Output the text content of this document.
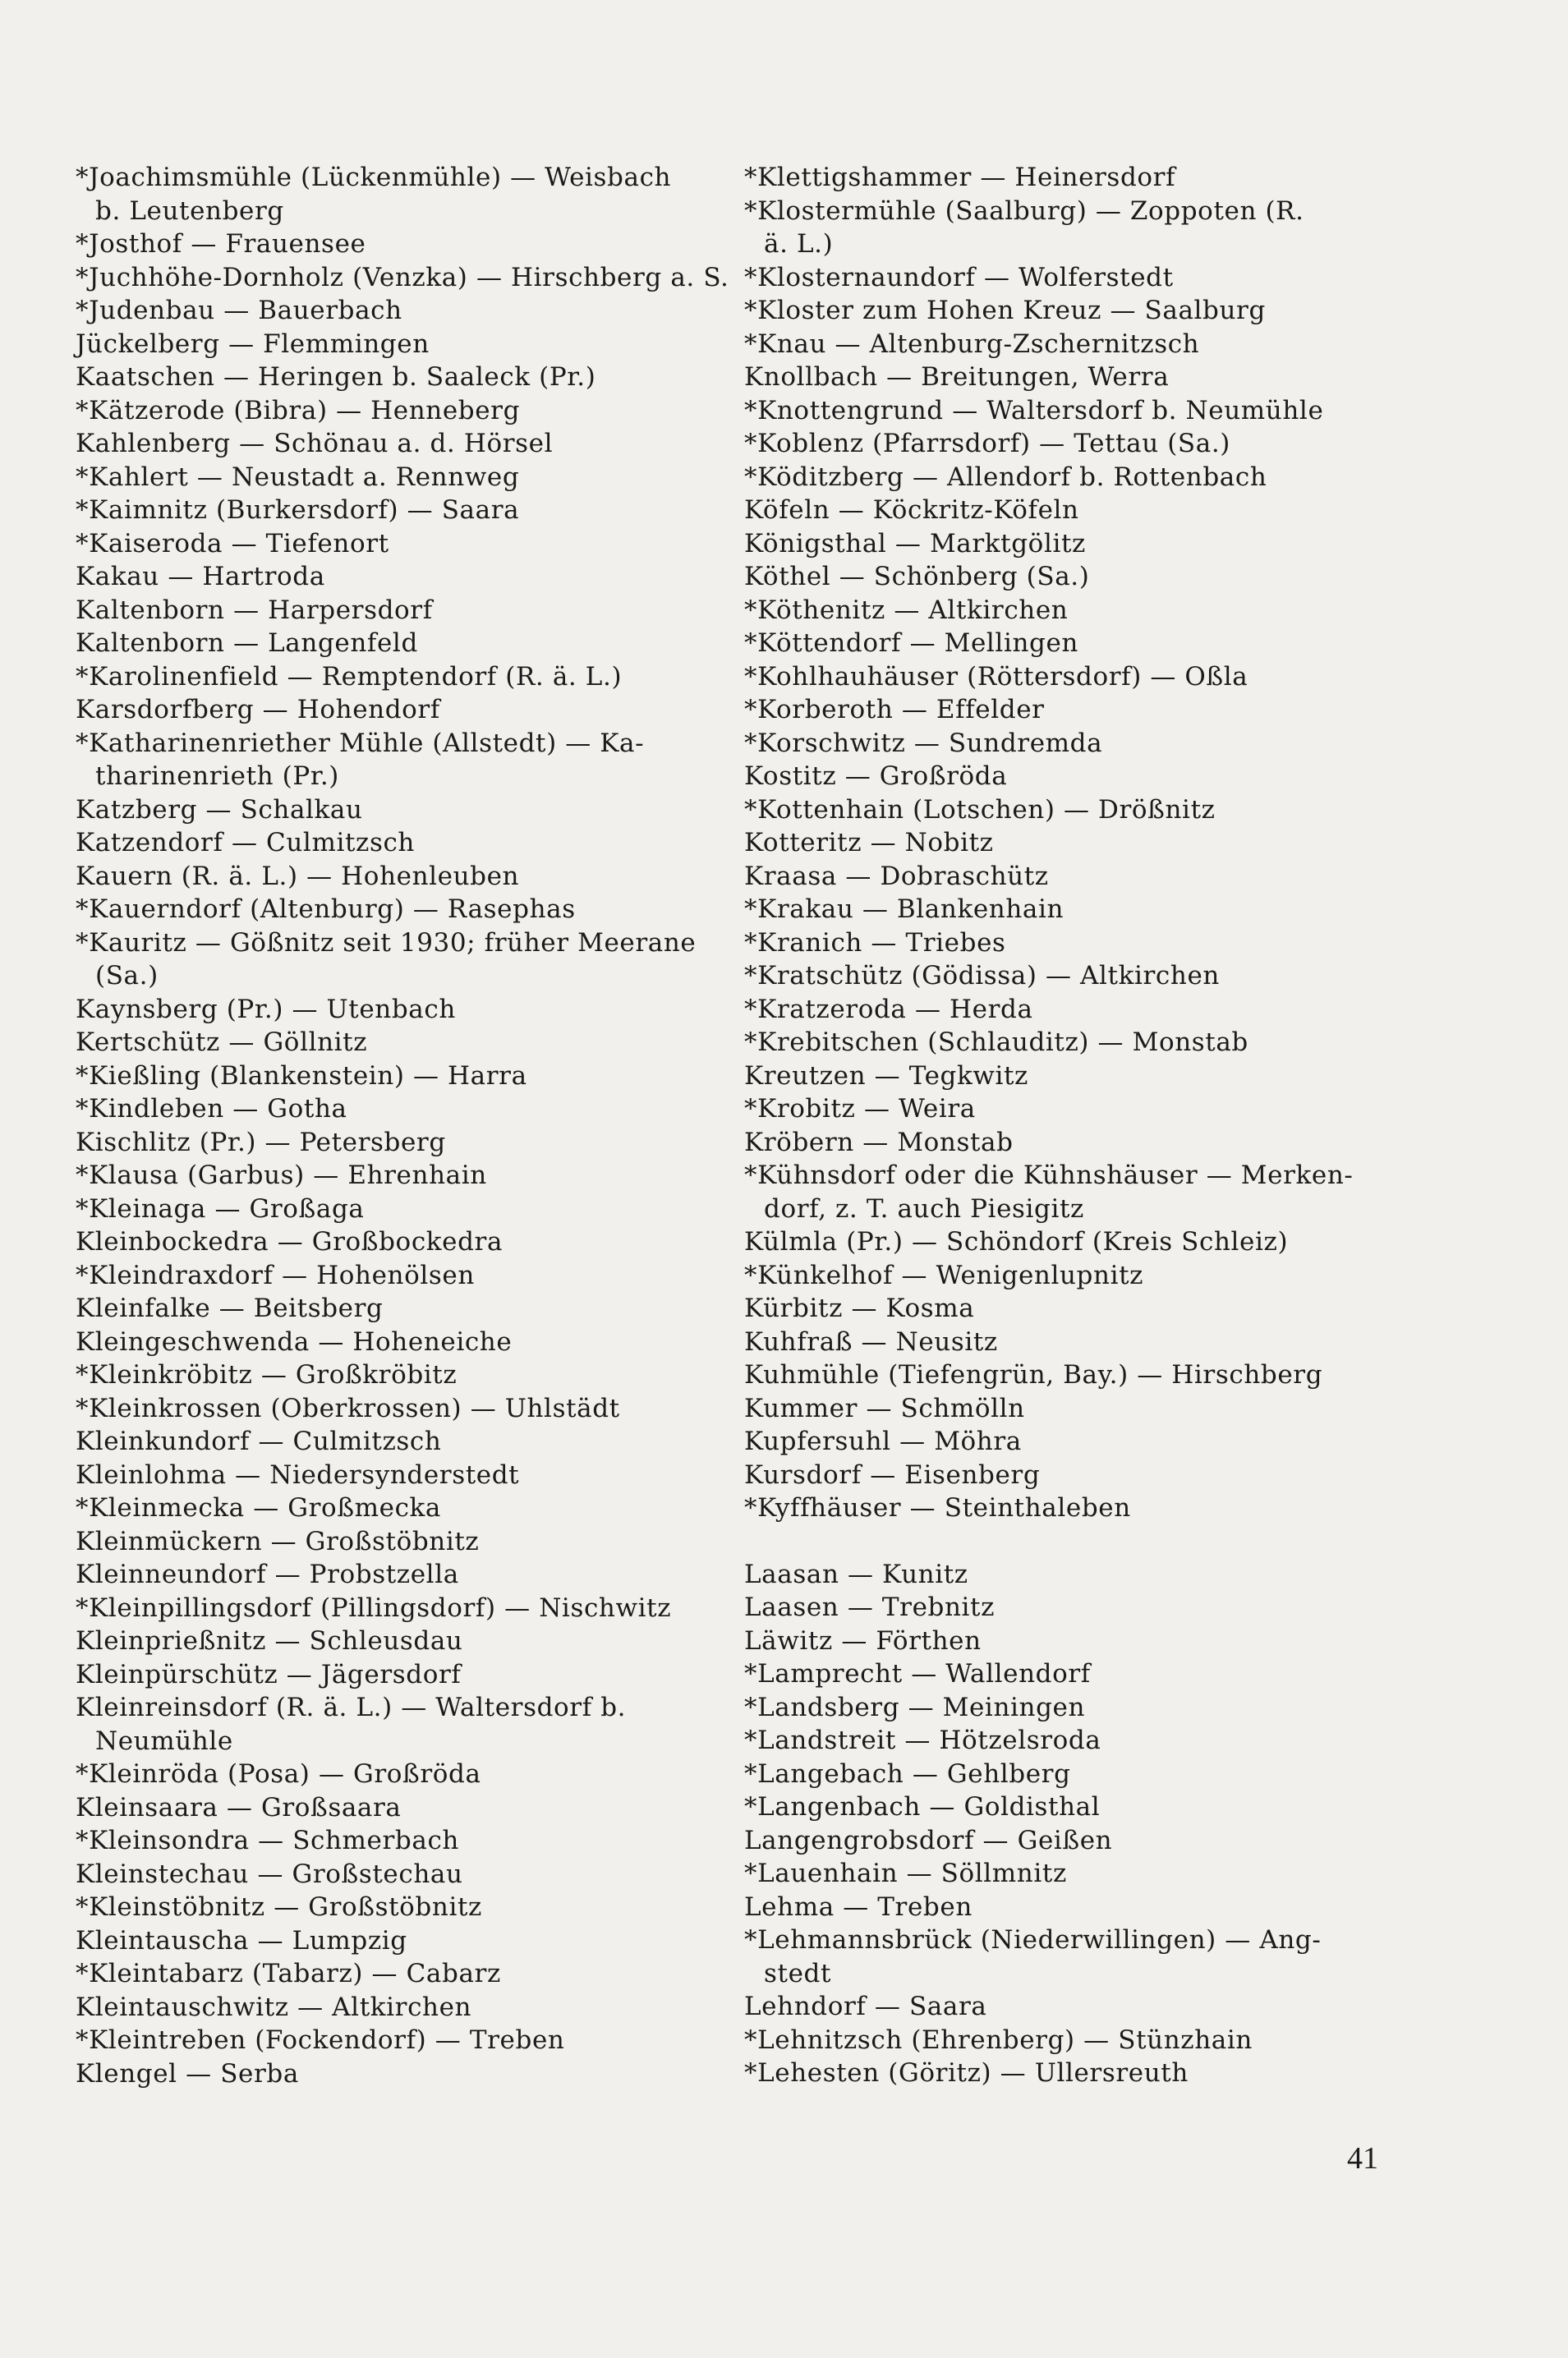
*Joachimsmühle (Lückenmühle) — Weisbach
b. Leutenberg
*Josthof — Frauensee
*Juchhöhe-Dornholz (Venzka) — Hirschberg a. S.
*Judenbau — Bauerbach
Jückelberg — Flemmingen
Kaatschen — Heringen b. Saaleck (Pr.)
*Kätzerode (Bibra) — Henneberg
Kahlenberg — Schönau a. d. Hörsel
*Kahlert — Neustadt a. Rennweg
*Kaimnitz (Burkersdorf) — Saara
*Kaiseroda — Tiefenort
Kakau — Hartroda
Kaltenborn — Harpersdorf
Kaltenborn — Langenfeld
*Karolinenfield — Remptendorf (R. ä. L.)
Karsdorfberg — Hohendorf
*Katharinenriether Mühle (Allstedt) — Ka-
tharinenrieth (Pr.)
Katzberg — Schalkau
Katzendorf — Culmitzsch
Kauern (R. ä. L.) — Hohenleuben
*Kauerndorf (Altenburg) — Rasephas
*Kauritz — Gößnitz seit 1930; früher Meerane
(Sa.)
Kaynsberg (Pr.) — Utenbach
Kertschütz — Göllnitz
*Kießling (Blankenstein) — Harra
*Kindleben — Gotha
Kischlitz (Pr.) — Petersberg
*Klausa (Garbus) — Ehrenhain
*Kleinaga — Großaga
Kleinbockedra — Großbockedra
*Kleindraxdorf — Hohenölsen
Kleinfalke — Beitsberg
Kleingeschwenda — Hoheneiche
*Kleinkröbitz — Großkröbitz
*Kleinkrossen (Oberkrossen) — Uhlstädt
Kleinkundorf — Culmitzsch
Kleinlohma — Niedersynderstedt
*Kleinmecka — Großmecka
Kleinmückern — Großstöbnitz
Kleinneundorf — Probstzella
*Kleinpillingsdorf (Pillingsdorf) — Nischwitz
Kleinprießnitz — Schleusdau
Kleinpürschütz — Jägersdorf
Kleinreinsdorf (R. ä. L.) — Waltersdorf b.
Neumühle
*Kleinröda (Posa) — Großröda
Kleinsaara — Großsaara
*Kleinsondra — Schmerbach
Kleinstechau — Großstechau
*Kleinstöbnitz — Großstöbnitz
Kleintauscha — Lumpzig
*Kleintabarz (Tabarz) — Cabarz
Kleintauschwitz — Altkirchen
*Kleintreben (Fockendorf) — Treben
Klengel — Serba
*Klettigshammer — Heinersdorf
*Klostermühle (Saalburg) — Zoppoten (R.
ä. L.)
*Klosternaundorf — Wolferstedt
*Kloster zum Hohen Kreuz — Saalburg
*Knau — Altenburg-Zschernitzsch
Knollbach — Breitungen, Werra
*Knottengrund — Waltersdorf b. Neumühle
*Koblenz (Pfarrsdorf) — Tettau (Sa.)
*Köditzberg — Allendorf b. Rottenbach
Köfeln — Köckritz-Köfeln
Königsthal — Marktgölitz
Köthel — Schönberg (Sa.)
*Köthenitz — Altkirchen
*Köttendorf — Mellingen
*Kohlhauhäuser (Röttersdorf) — Oßla
*Korberoth — Effelder
*Korschwitz — Sundremda
Kostitz — Großröda
*Kottenhain (Lotschen) — Drößnitz
Kotteritz — Nobitz
Kraasa — Dobraschütz
*Krakau — Blankenhain
*Kranich — Triebes
*Kratschütz (Gödissa) — Altkirchen
*Kratzeroda — Herda
*Krebitschen (Schlauditz) — Monstab
Kreutzen — Tegkwitz
*Krobitz — Weira
Kröbern — Monstab
*Kühnsdorf oder die Kühnshäuser — Merken-
dorf, z. T. auch Piesigitz
Külmla (Pr.) — Schöndorf (Kreis Schleiz)
*Künkelhof — Wenigenlupnitz
Kürbitz — Kosma
Kuhfraß — Neusitz
Kuhmühle (Tiefengrün, Bay.) — Hirschberg
Kummer — Schmölln
Kupfersuhl — Möhra
Kursdorf — Eisenberg
*Kyffhäuser — Steinthaleben
Laasan — Kunitz
Laasen — Trebnitz
Läwitz — Förthen
*Lamprecht — Wallendorf
*Landsberg — Meiningen
*Landstreit — Hötzelsroda
*Langebach — Gehlberg
*Langenbach — Goldisthal
Langengrobsdorf — Geißen
*Lauenhain — Söllmnitz
Lehma — Treben
*Lehmannsbrück (Niederwillingen) — Ang-
stedt
Lehndorf — Saara
*Lehnitzsch (Ehrenberg) — Stünzhain
*Lehesten (Göritz) — Ullersreuth
41
